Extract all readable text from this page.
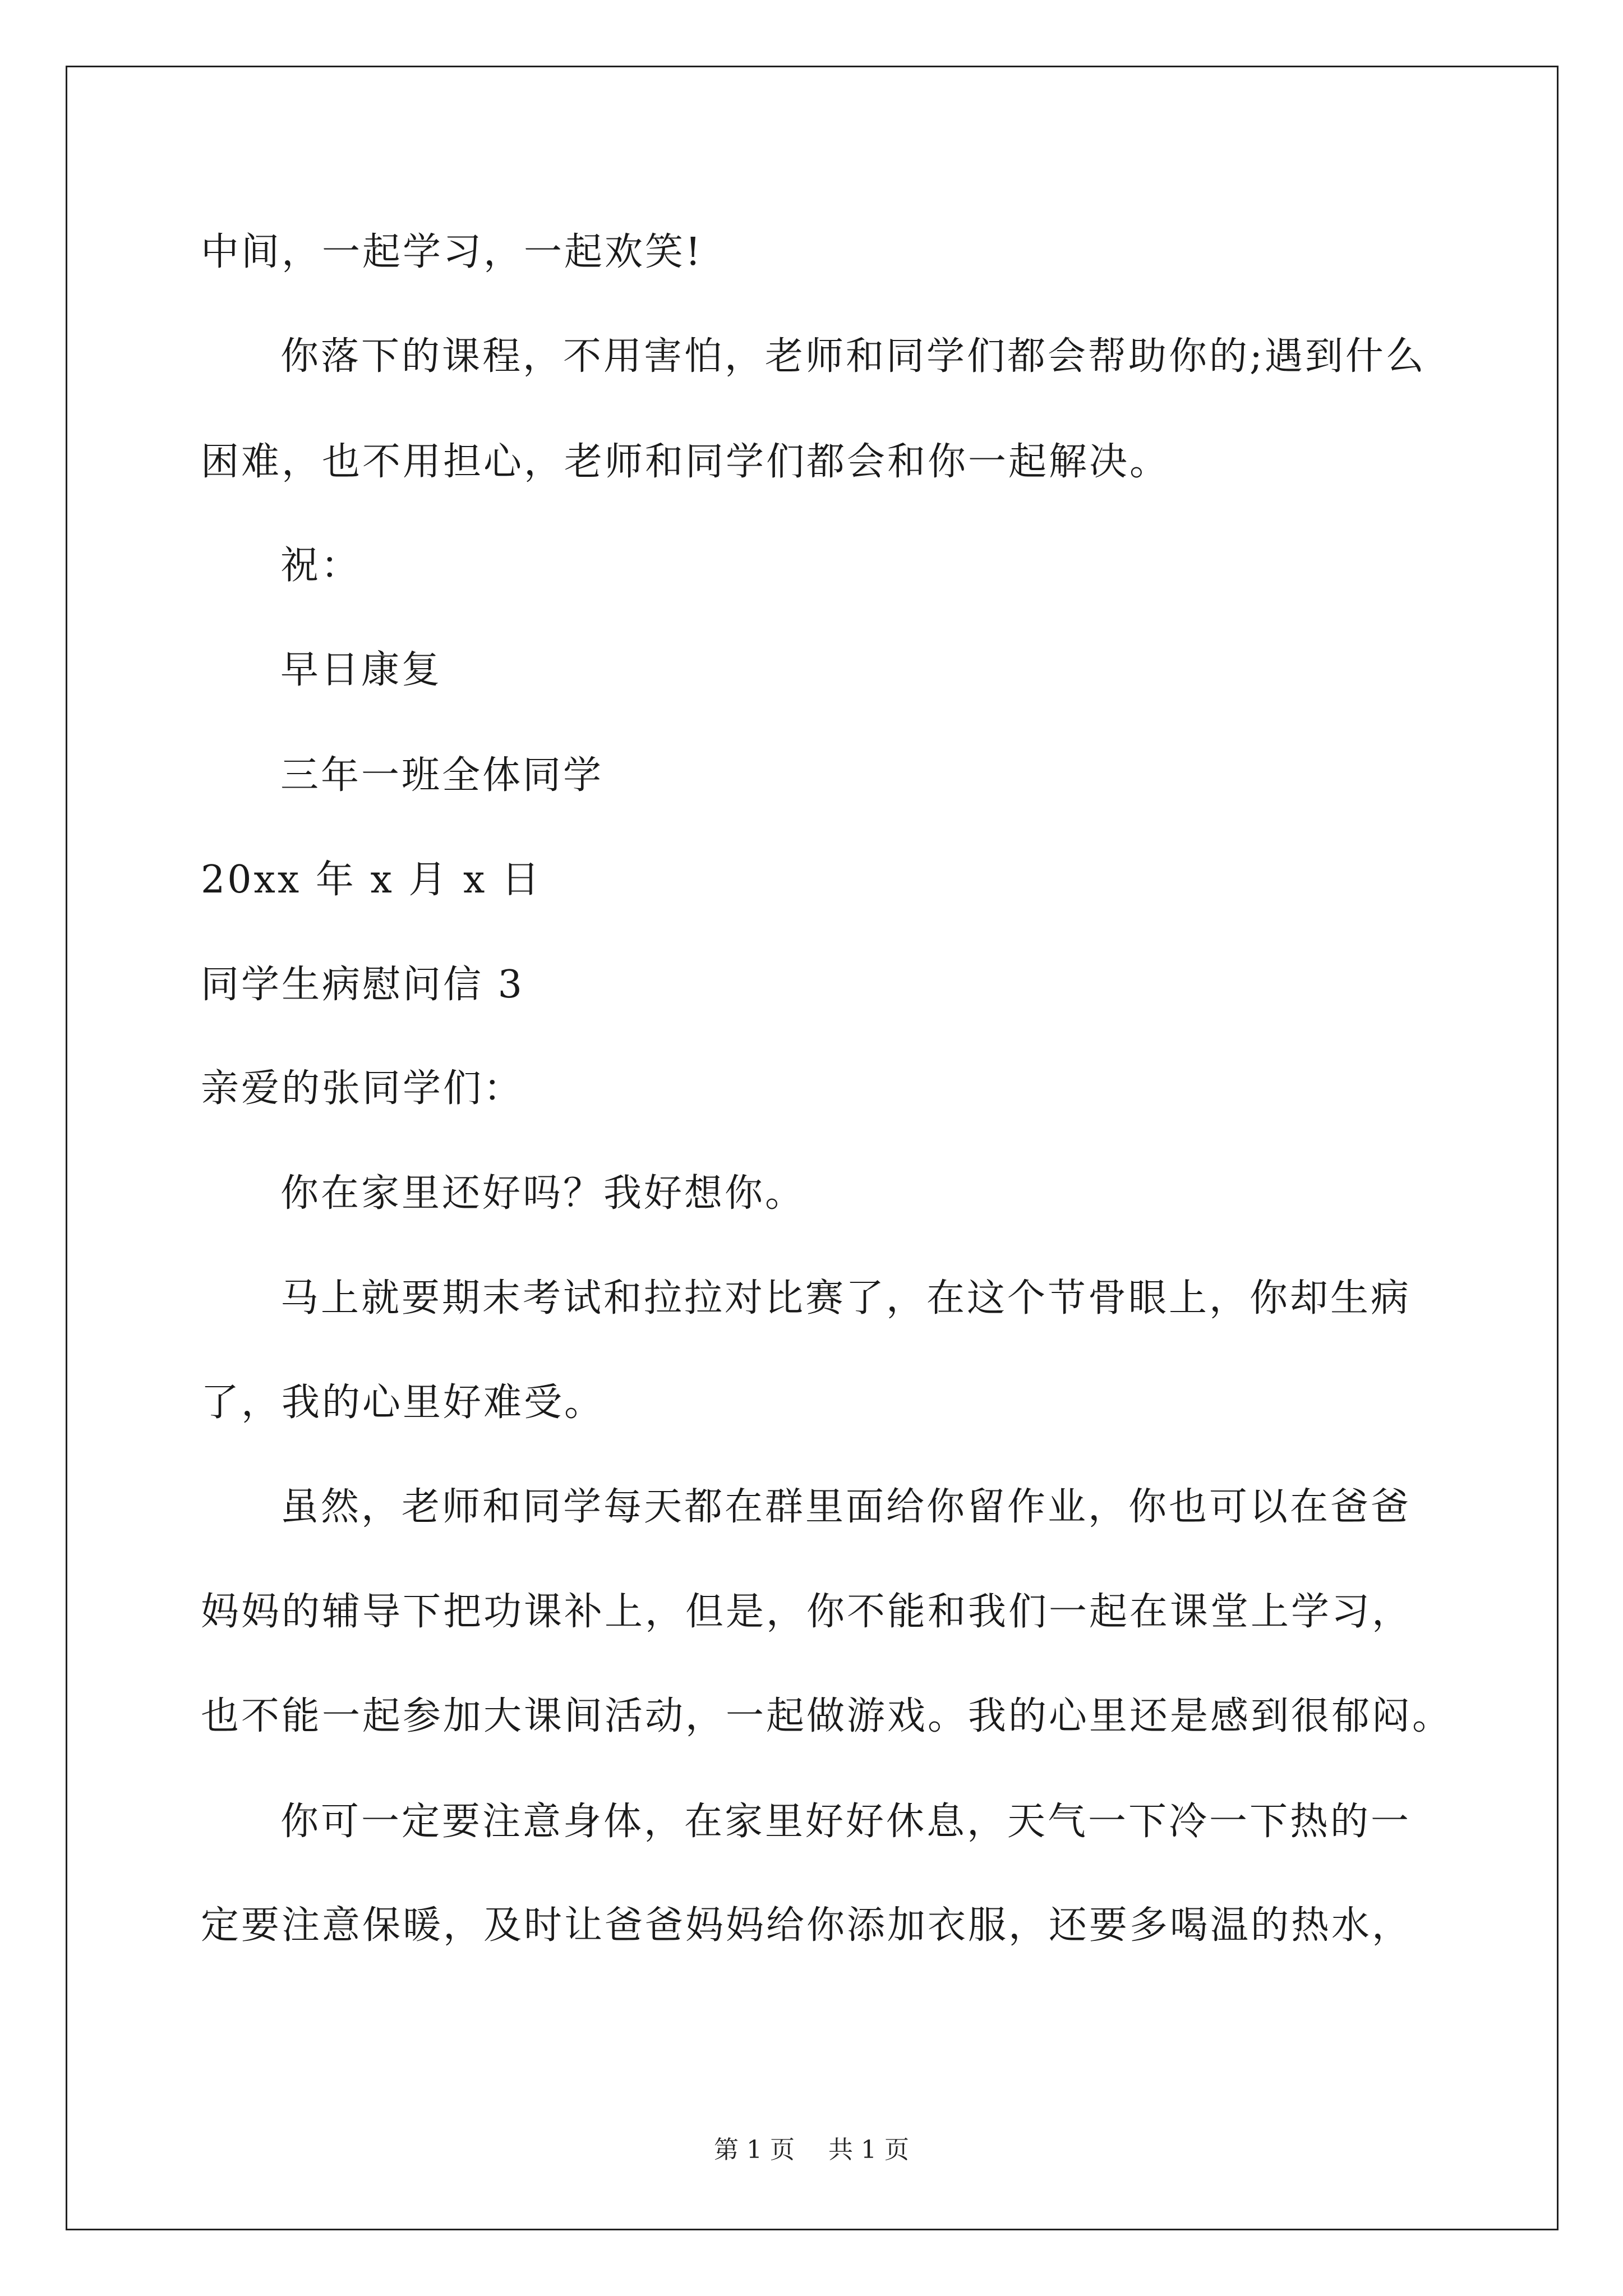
中间，一起学习，一起欢笑!
你落下的课程，不用害怕，老师和同学们都会帮助你的;遇到什么
困难，也不用担心，老师和同学们都会和你一起解决。
祝：
早日康复
三年一班全体同学
20xx 年 x 月 x 日
同学生病慰问信 3
亲爱的张同学们：
你在家里还好吗？我好想你。
马上就要期末考试和拉拉对比赛了，在这个节骨眼上，你却生病
了，我的心里好难受。
虽然，老师和同学每天都在群里面给你留作业，你也可以在爸爸
妈妈的辅导下把功课补上，但是，你不能和我们一起在课堂上学习，
也不能一起参加大课间活动，一起做游戏。我的心里还是感到很郁闷。
你可一定要注意身体，在家里好好休息，天气一下冷一下热的一
定要注意保暖，及时让爸爸妈妈给你添加衣服，还要多喝温的热水，
第 1 页 共 1 页
